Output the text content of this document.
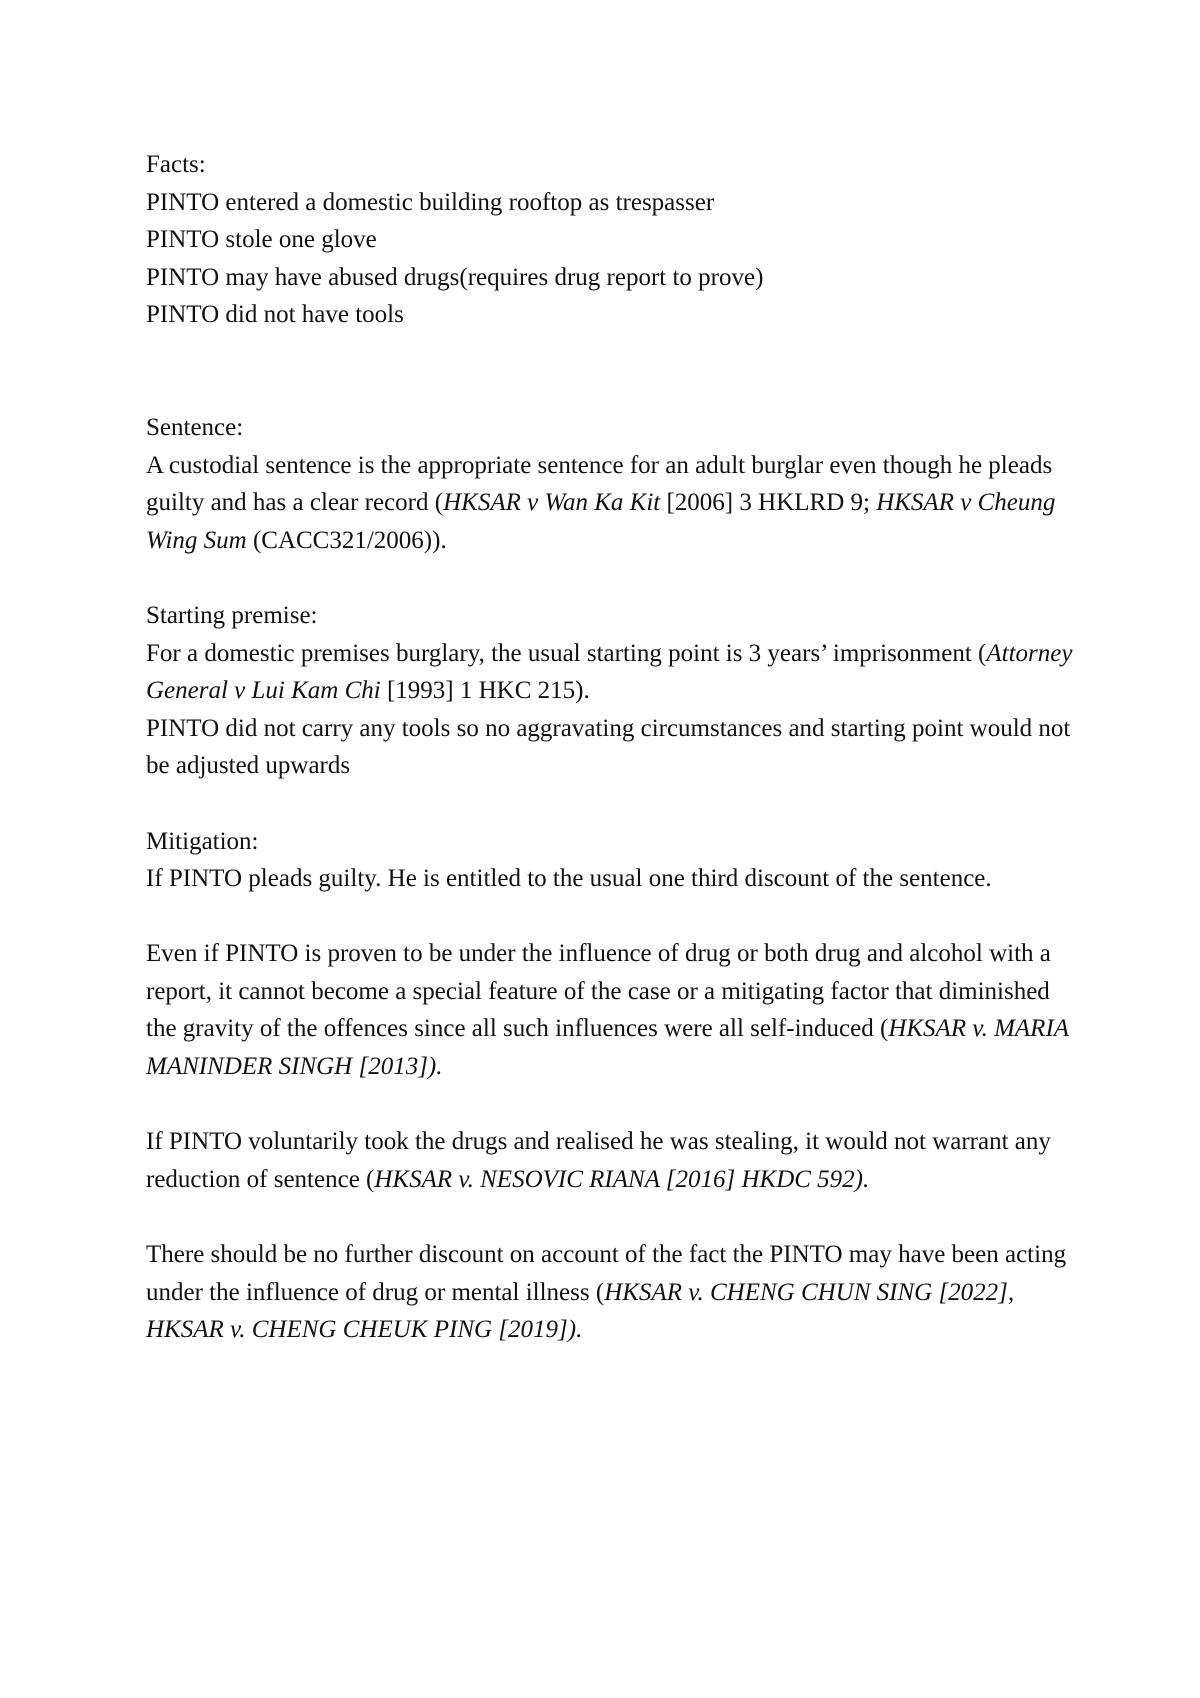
Facts:

PINTO entered a domestic building rooftop as trespasser

PINTO stole one glove

PINTO may have abused drugs(requires drug report to prove)

PINTO did not have tools

Sentence:

A custodial sentence is the appropriate sentence for an adult burglar even though he pleads guilty and has a clear record (HKSAR v Wan Ka Kit [2006] 3 HKLRD 9; HKSAR v Cheung Wing Sum (CACC321/2006)).

Starting premise:

For a domestic premises burglary, the usual starting point is 3 years’ imprisonment (Attorney General v Lui Kam Chi [1993] 1 HKC 215).

PINTO did not carry any tools so no aggravating circumstances and starting point would not be adjusted upwards

Mitigation:

If PINTO pleads guilty. He is entitled to the usual one third discount of the sentence.

Even if PINTO is proven to be under the influence of drug or both drug and alcohol with a report, it cannot become a special feature of the case or a mitigating factor that diminished the gravity of the offences since all such influences were all self-induced (HKSAR v. MARIA MANINDER SINGH [2013]).

If PINTO voluntarily took the drugs and realised he was stealing, it would not warrant any reduction of sentence (HKSAR v. NESOVIC RIANA [2016] HKDC 592).

There should be no further discount on account of the fact the PINTO may have been acting under the influence of drug or mental illness (HKSAR v. CHENG CHUN SING [2022], HKSAR v. CHENG CHEUK PING [2019]).
